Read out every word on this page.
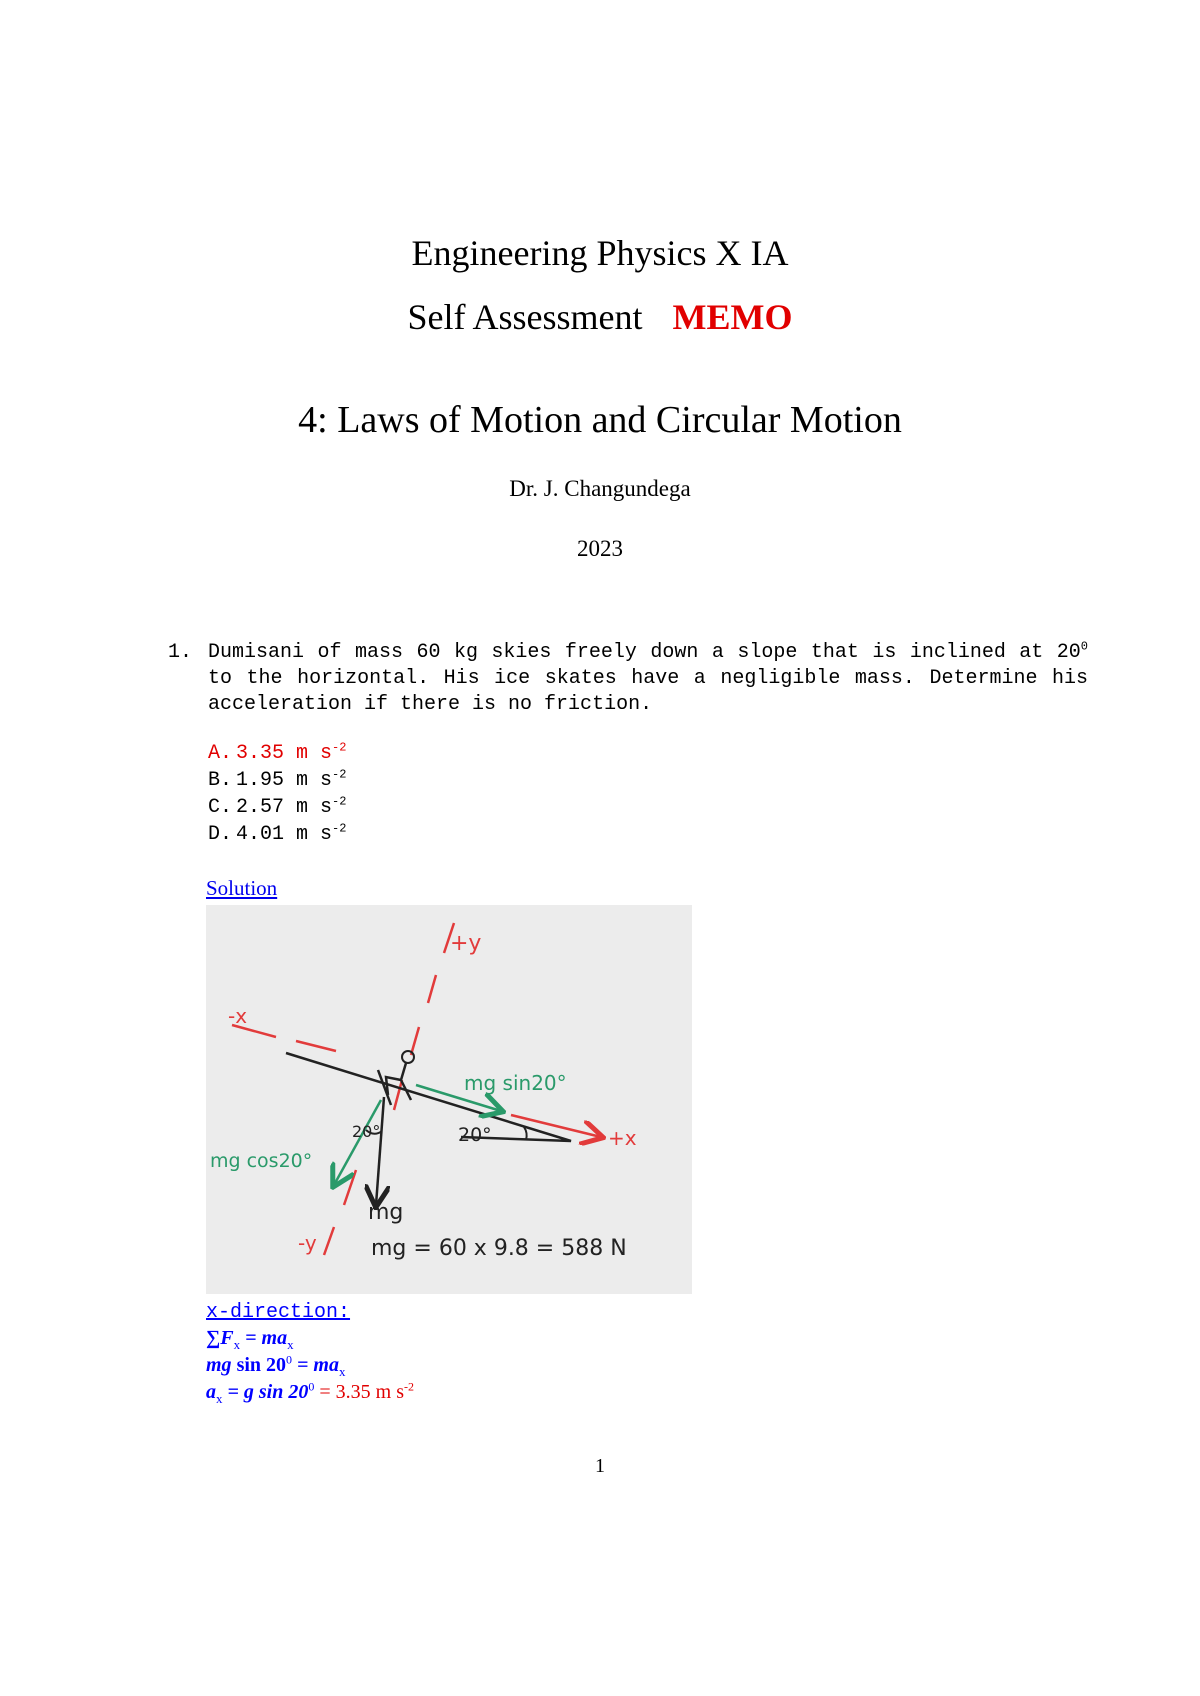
Engineering Physics X IA
Self Assessment MEMO
4: Laws of Motion and Circular Motion
Dr. J. Changundega
2023
1. Dumisani of mass 60 kg skies freely down a slope that is inclined at $20^0$ to the horizontal. His ice skates have a negligible mass. Determine his acceleration if there is no friction.
A. 3.35 m $s^{-2}$
B. 1.95 m $s^{-2}$
C. 2.57 m $s^{-2}$
D. 4.01 m $s^{-2}$
Solution
+y
-x
+x
-y
mg sin20°
mg cos20°
20°
20°
mg
mg = 60 x 9.8 = 588 N
x-direction:
$\sum F_x = ma_x$
mg $\sin 20^0 = ma_x$
$a_x = g$ $\sin 20^0 = 3.35$ m $s^{-2}$
1
